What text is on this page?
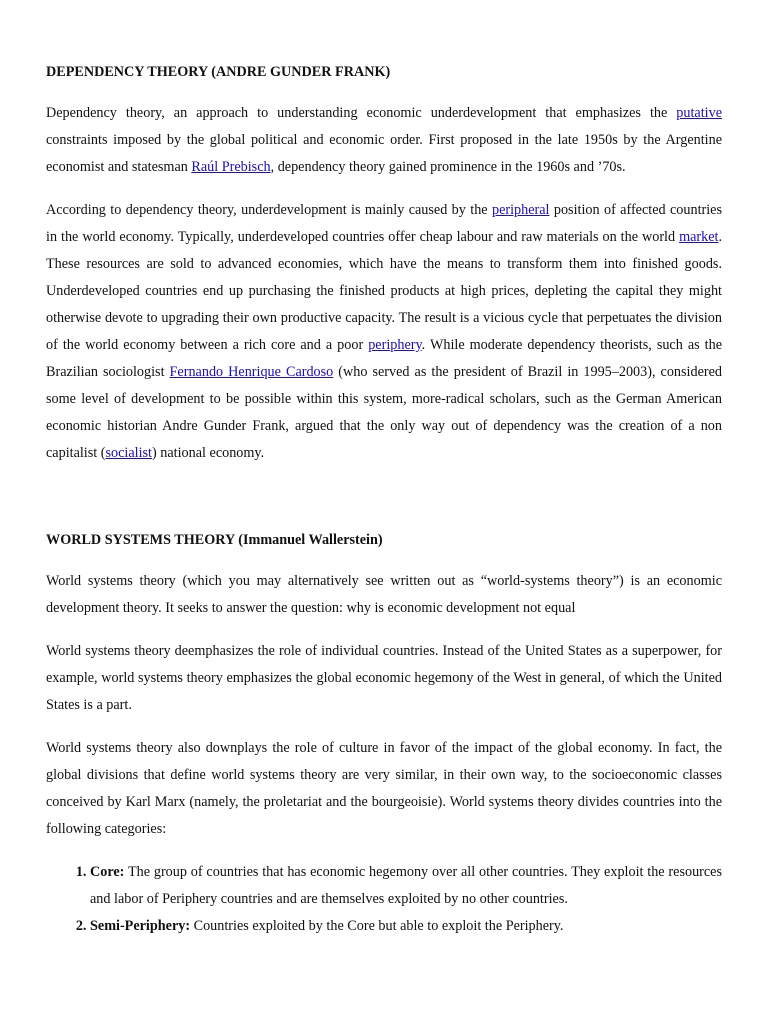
DEPENDENCY THEORY (ANDRE GUNDER FRANK)

Dependency theory, an approach to understanding economic underdevelopment that emphasizes the putative constraints imposed by the global political and economic order. First proposed in the late 1950s by the Argentine economist and statesman Raúl Prebisch, dependency theory gained prominence in the 1960s and ’70s.

According to dependency theory, underdevelopment is mainly caused by the peripheral position of affected countries in the world economy. Typically, underdeveloped countries offer cheap labour and raw materials on the world market. These resources are sold to advanced economies, which have the means to transform them into finished goods. Underdeveloped countries end up purchasing the finished products at high prices, depleting the capital they might otherwise devote to upgrading their own productive capacity. The result is a vicious cycle that perpetuates the division of the world economy between a rich core and a poor periphery. While moderate dependency theorists, such as the Brazilian sociologist Fernando Henrique Cardoso (who served as the president of Brazil in 1995–2003), considered some level of development to be possible within this system, more-radical scholars, such as the German American economic historian Andre Gunder Frank, argued that the only way out of dependency was the creation of a non capitalist (socialist) national economy.

WORLD SYSTEMS THEORY (Immanuel Wallerstein)

World systems theory (which you may alternatively see written out as “world-systems theory”) is an economic development theory. It seeks to answer the question: why is economic development not equal

World systems theory deemphasizes the role of individual countries. Instead of the United States as a superpower, for example, world systems theory emphasizes the global economic hegemony of the West in general, of which the United States is a part.

World systems theory also downplays the role of culture in favor of the impact of the global economy. In fact, the global divisions that define world systems theory are very similar, in their own way, to the socioeconomic classes conceived by Karl Marx (namely, the proletariat and the bourgeoisie). World systems theory divides countries into the following categories:

1. Core: The group of countries that has economic hegemony over all other countries. They exploit the resources and labor of Periphery countries and are themselves exploited by no other countries.
2. Semi-Periphery: Countries exploited by the Core but able to exploit the Periphery.
